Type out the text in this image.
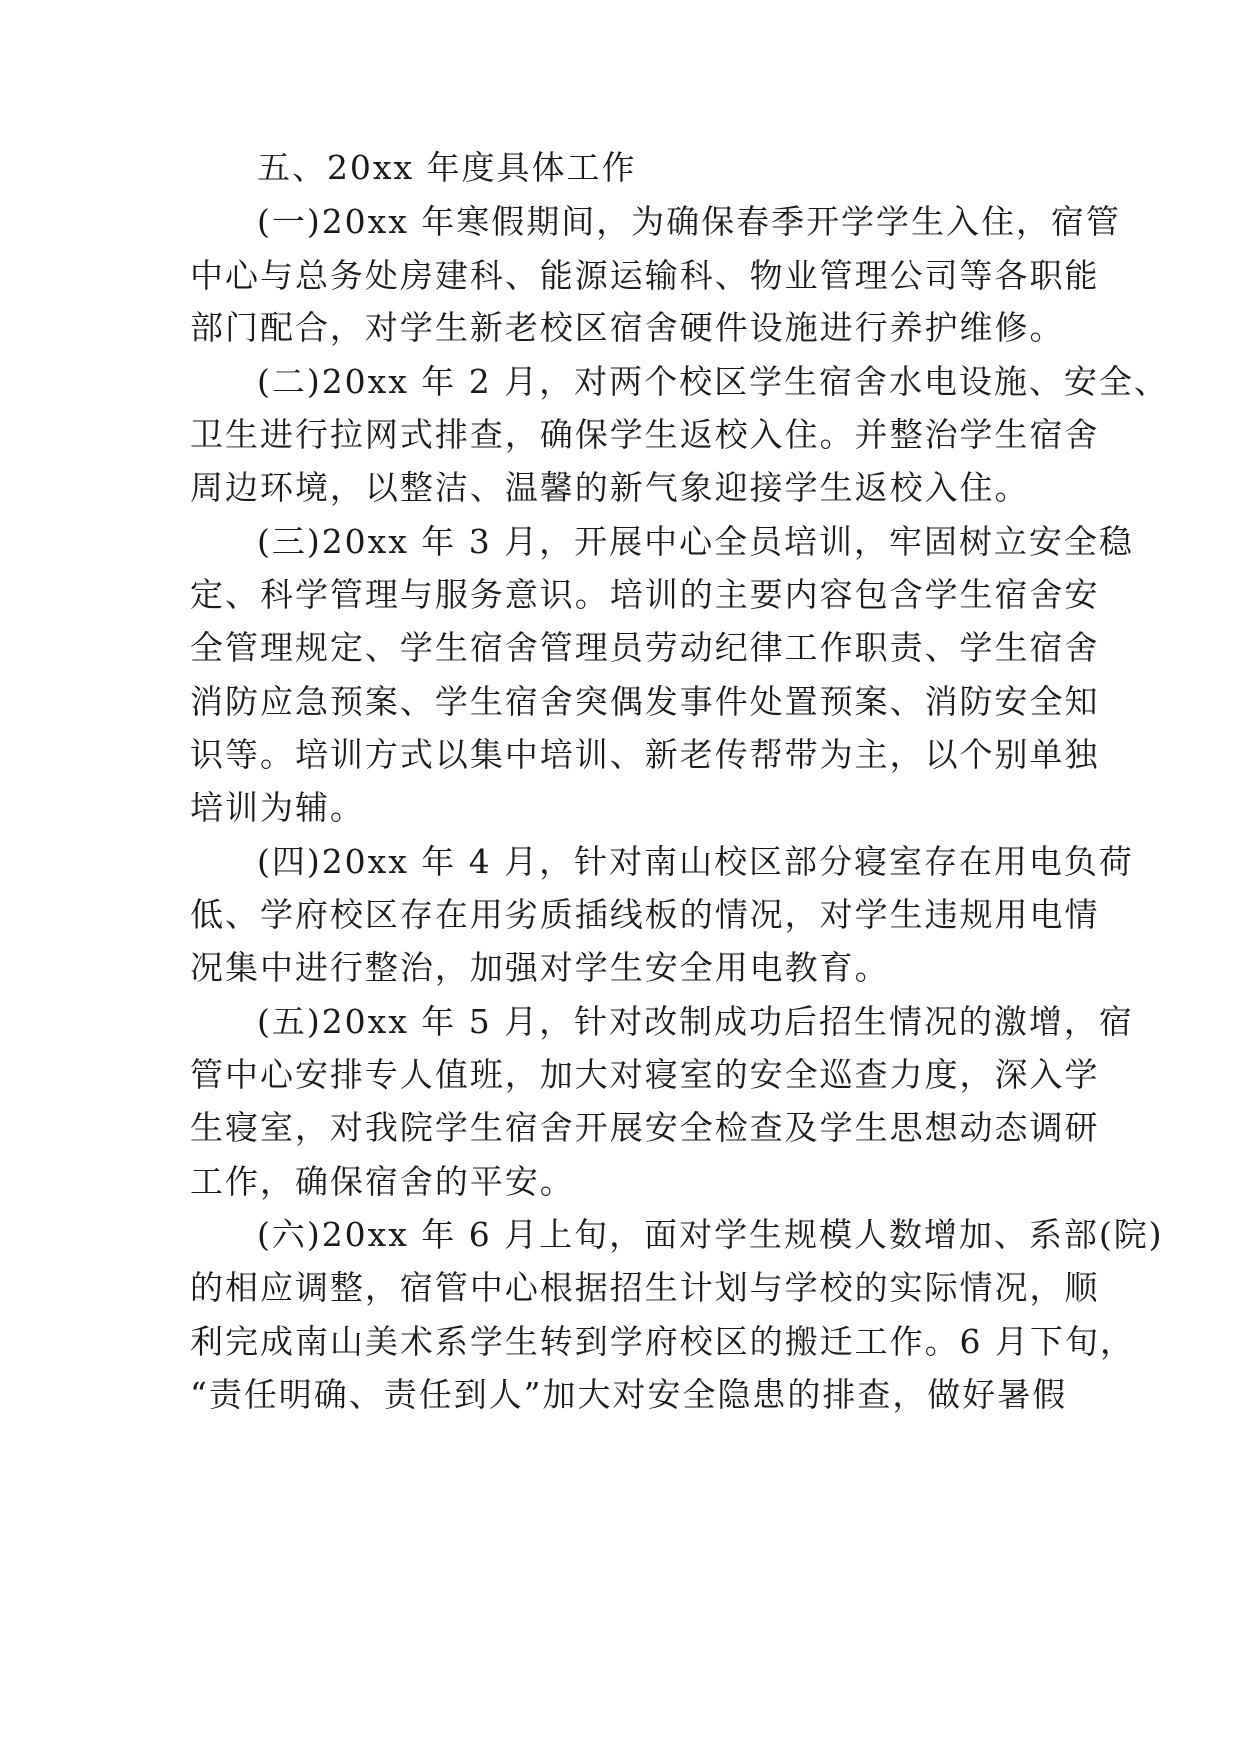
五、20xx 年度具体工作
(一)20xx 年寒假期间，为确保春季开学学生入住，宿管
中心与总务处房建科、能源运输科、物业管理公司等各职能
部门配合，对学生新老校区宿舍硬件设施进行养护维修。
(二)20xx 年 2 月，对两个校区学生宿舍水电设施、安全、
卫生进行拉网式排查，确保学生返校入住。并整治学生宿舍
周边环境，以整洁、温馨的新气象迎接学生返校入住。
(三)20xx 年 3 月，开展中心全员培训，牢固树立安全稳
定、科学管理与服务意识。培训的主要内容包含学生宿舍安
全管理规定、学生宿舍管理员劳动纪律工作职责、学生宿舍
消防应急预案、学生宿舍突偶发事件处置预案、消防安全知
识等。培训方式以集中培训、新老传帮带为主，以个别单独
培训为辅。
(四)20xx 年 4 月，针对南山校区部分寝室存在用电负荷
低、学府校区存在用劣质插线板的情况，对学生违规用电情
况集中进行整治，加强对学生安全用电教育。
(五)20xx 年 5 月，针对改制成功后招生情况的激增，宿
管中心安排专人值班，加大对寝室的安全巡查力度，深入学
生寝室，对我院学生宿舍开展安全检查及学生思想动态调研
工作，确保宿舍的平安。
(六)20xx 年 6 月上旬，面对学生规模人数增加、系部(院)
的相应调整，宿管中心根据招生计划与学校的实际情况，顺
利完成南山美术系学生转到学府校区的搬迁工作。6 月下旬，
“责任明确、责任到人”加大对安全隐患的排查，做好暑假
